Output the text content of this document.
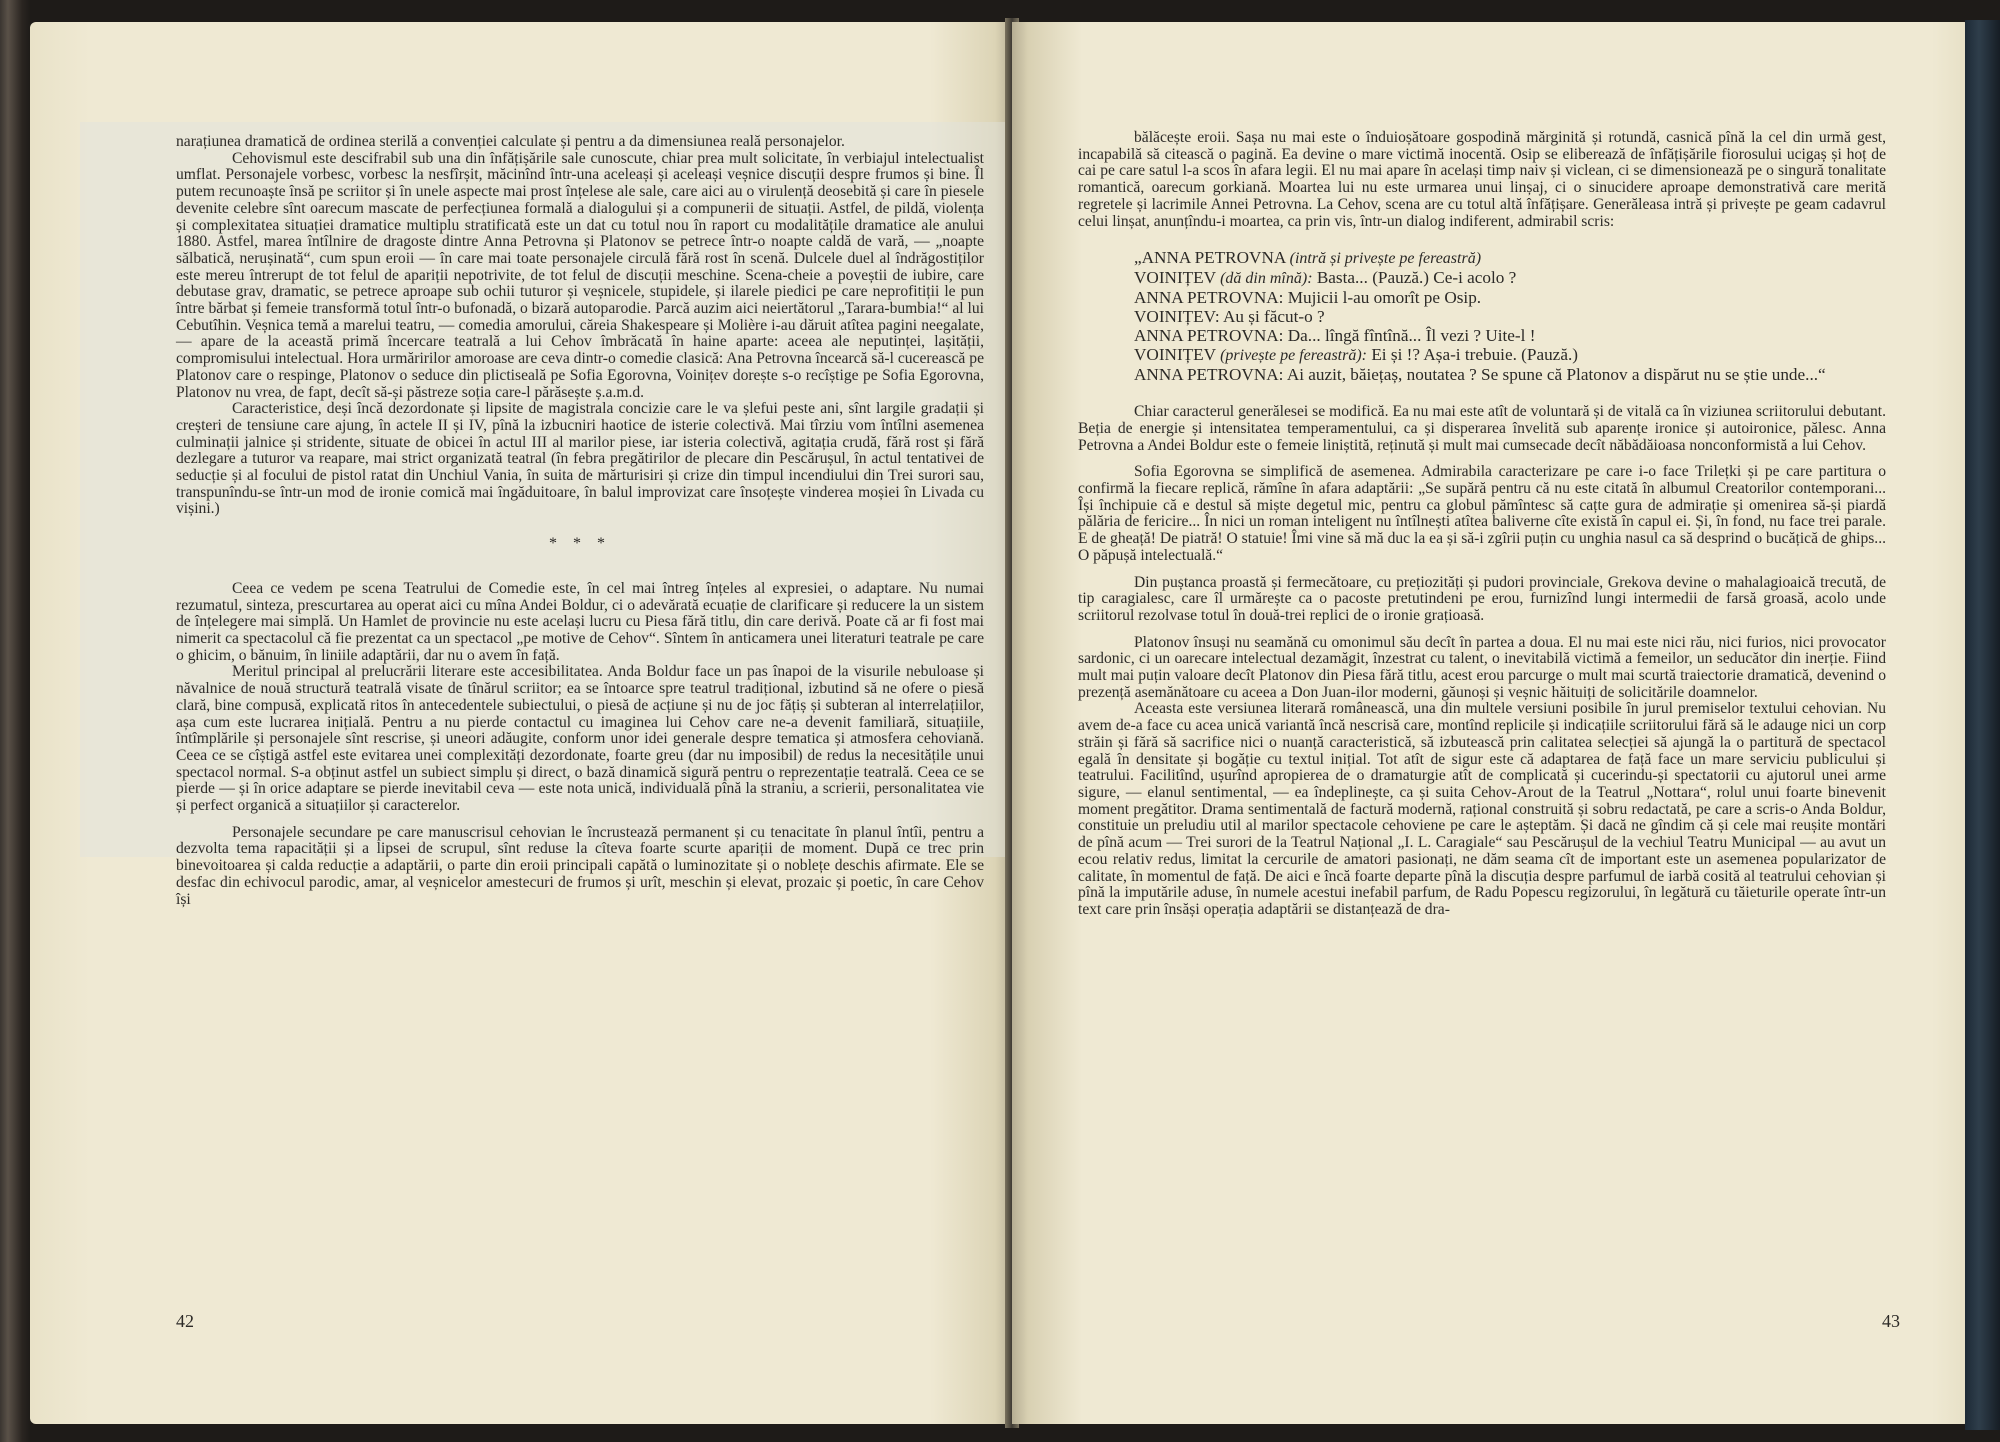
narațiunea dramatică de ordinea sterilă a convenției calculate și pentru a da dimensiunea reală personajelor.

Cehovismul este descifrabil sub una din înfățișările sale cunoscute, chiar prea mult solicitate, în verbiajul intelectualist umflat. Personajele vorbesc, vorbesc la nesfîrșit, măcinînd într-una aceleași și aceleași veșnice discuții despre frumos și bine. Îl putem recunoaște însă pe scriitor și în unele aspecte mai prost înțelese ale sale, care aici au o virulență deosebită și care în piesele devenite celebre sînt oarecum mascate de perfecțiunea formală a dialogului și a compunerii de situații. Astfel, de pildă, violența și complexitatea situației dramatice multiplu stratificată este un dat cu totul nou în raport cu modalitățile dramatice ale anului 1880. Astfel, marea întîlnire de dragoste dintre Anna Petrovna și Platonov se petrece într-o noapte caldă de vară, — „noapte sălbatică, nerușinată“, cum spun eroii — în care mai toate personajele circulă fără rost în scenă. Dulcele duel al îndrăgostiților este mereu întrerupt de tot felul de apariții nepotrivite, de tot felul de discuții meschine. Scena-cheie a poveștii de iubire, care debutase grav, dramatic, se petrece aproape sub ochii tuturor și veșnicele, stupidele, și ilarele piedici pe care neprofitiții le pun între bărbat și femeie transformă totul într-o bufonadă, o bizară autoparodie. Parcă auzim aici neiertătorul „Tarara-bumbia!“ al lui Cebutîhin. Veșnica temă a marelui teatru, — comedia amorului, căreia Shakespeare și Molière i-au dăruit atîtea pagini neegalate, — apare de la această primă încercare teatrală a lui Cehov îmbrăcată în haine aparte: aceea ale neputinței, lașității, compromisului intelectual. Hora urmăririlor amoroase are ceva dintr-o comedie clasică: Ana Petrovna încearcă să-l cucerească pe Platonov care o respinge, Platonov o seduce din plictiseală pe Sofia Egorovna, Voinițev dorește s-o recîștige pe Sofia Egorovna, Platonov nu vrea, de fapt, decît să-și păstreze soția care-l părăsește ș.a.m.d.

Caracteristice, deși încă dezordonate și lipsite de magistrala concizie care le va șlefui peste ani, sînt largile gradații și creșteri de tensiune care ajung, în actele II și IV, pînă la izbucniri haotice de isterie colectivă. Mai tîrziu vom întîlni asemenea culminații jalnice și stridente, situate de obicei în actul III al marilor piese, iar isteria colectivă, agitația crudă, fără rost și fără dezlegare a tuturor va reapare, mai strict organizată teatral (în febra pregătirilor de plecare din Pescărușul, în actul tentativei de seducție și al focului de pistol ratat din Unchiul Vania, în suita de mărturisiri și crize din timpul incendiului din Trei surori sau, transpunîndu-se într-un mod de ironie comică mai îngăduitoare, în balul improvizat care însoțește vinderea moșiei în Livada cu vișini.)

* * *

Ceea ce vedem pe scena Teatrului de Comedie este, în cel mai întreg înțeles al expresiei, o adaptare. Nu numai rezumatul, sinteza, prescurtarea au operat aici cu mîna Andei Boldur, ci o adevărată ecuație de clarificare și reducere la un sistem de înțelegere mai simplă. Un Hamlet de provincie nu este același lucru cu Piesa fără titlu, din care derivă. Poate că ar fi fost mai nimerit ca spectacolul că fie prezentat ca un spectacol „pe motive de Cehov“. Sîntem în anticamera unei literaturi teatrale pe care o ghicim, o bănuim, în liniile adaptării, dar nu o avem în față.

Meritul principal al prelucrării literare este accesibilitatea. Anda Boldur face un pas înapoi de la visurile nebuloase și năvalnice de nouă structură teatrală visate de tînărul scriitor; ea se întoarce spre teatrul tradițional, izbutind să ne ofere o piesă clară, bine compusă, explicată ritos în antecedentele subiectului, o piesă de acțiune și nu de joc fățiș și subteran al interrelațiilor, așa cum este lucrarea inițială. Pentru a nu pierde contactul cu imaginea lui Cehov care ne-a devenit familiară, situațiile, întîmplările și personajele sînt rescrise, și uneori adăugite, conform unor idei generale despre tematica și atmosfera cehoviană. Ceea ce se cîștigă astfel este evitarea unei complexități dezordonate, foarte greu (dar nu imposibil) de redus la necesitățile unui spectacol normal. S-a obținut astfel un subiect simplu și direct, o bază dinamică sigură pentru o reprezentație teatrală. Ceea ce se pierde — și în orice adaptare se pierde inevitabil ceva — este nota unică, individuală pînă la straniu, a scrierii, personalitatea vie și perfect organică a situațiilor și caracterelor.

Personajele secundare pe care manuscrisul cehovian le încrustează permanent și cu tenacitate în planul întîi, pentru a dezvolta tema rapacității și a lipsei de scrupul, sînt reduse la cîteva foarte scurte apariții de moment. După ce trec prin binevoitoarea și calda reducție a adaptării, o parte din eroii principali capătă o luminozitate și o noblețe deschis afirmate. Ele se desfac din echivocul parodic, amar, al veșnicelor amestecuri de frumos și urît, meschin și elevat, prozaic și poetic, în care Cehov își

42

bălăcește eroii. Sașa nu mai este o înduioșătoare gospodină mărginită și rotundă, casnică pînă la cel din urmă gest, incapabilă să citească o pagină. Ea devine o mare victimă inocentă. Osip se eliberează de înfățișările fiorosului ucigaș și hoț de cai pe care satul l-a scos în afara legii. El nu mai apare în același timp naiv și viclean, ci se dimensionează pe o singură tonalitate romantică, oarecum gorkiană. Moartea lui nu este urmarea unui linșaj, ci o sinucidere aproape demonstrativă care merită regretele și lacrimile Annei Petrovna. La Cehov, scena are cu totul altă înfățișare. Generăleasa intră și privește pe geam cadavrul celui linșat, anunțîndu-i moartea, ca prin vis, într-un dialog indiferent, admirabil scris:

„ANNA PETROVNA (intră și privește pe fereastră)
VOINIȚEV (dă din mînă): Basta... (Pauză.) Ce-i acolo ?
ANNA PETROVNA: Mujicii l-au omorît pe Osip.
VOINIȚEV: Au și făcut-o ?
ANNA PETROVNA: Da... lîngă fîntînă... Îl vezi ? Uite-l !
VOINIȚEV (privește pe fereastră): Ei și !? Așa-i trebuie. (Pauză.)
ANNA PETROVNA: Ai auzit, băiețaș, noutatea ? Se spune că Platonov a dispărut nu se știe unde...“

Chiar caracterul generălesei se modifică. Ea nu mai este atît de voluntară și de vitală ca în viziunea scriitorului debutant. Beția de energie și intensitatea temperamentului, ca și disperarea învelită sub aparențe ironice și autoironice, pălesc. Anna Petrovna a Andei Boldur este o femeie liniștită, reținută și mult mai cumsecade decît năbădăioasa nonconformistă a lui Cehov.

Sofia Egorovna se simplifică de asemenea. Admirabila caracterizare pe care i-o face Trilețki și pe care partitura o confirmă la fiecare replică, rămîne în afara adaptării: „Se supără pentru că nu este citată în albumul Creatorilor contemporani... Își închipuie că e destul să miște degetul mic, pentru ca globul pămîntesc să cațte gura de admirație și omenirea să-și piardă pălăria de fericire... În nici un roman inteligent nu întîlnești atîtea baliverne cîte există în capul ei. Și, în fond, nu face trei parale. E de gheață! De piatră! O statuie! Îmi vine să mă duc la ea și să-i zgîrii puțin cu unghia nasul ca să desprind o bucățică de ghips... O păpușă intelectuală.“

Din puștanca proastă și fermecătoare, cu prețiozități și pudori provinciale, Grekova devine o mahalagioaică trecută, de tip caragialesc, care îl urmărește ca o pacoste pretutindeni pe erou, furnizînd lungi intermedii de farsă groasă, acolo unde scriitorul rezolvase totul în două-trei replici de o ironie grațioasă.

Platonov însuși nu seamănă cu omonimul său decît în partea a doua. El nu mai este nici rău, nici furios, nici provocator sardonic, ci un oarecare intelectual dezamăgit, înzestrat cu talent, o inevitabilă victimă a femeilor, un seducător din inerție. Fiind mult mai puțin valoare decît Platonov din Piesa fără titlu, acest erou parcurge o mult mai scurtă traiectorie dramatică, devenind o prezență asemănătoare cu aceea a Don Juan-ilor moderni, găunoși și veșnic hăituiți de solicitările doamnelor.

Aceasta este versiunea literară românească, una din multele versiuni posibile în jurul premiselor textului cehovian. Nu avem de-a face cu acea unică variantă încă nescrisă care, montînd replicile și indicațiile scriitorului fără să le adauge nici un corp străin și fără să sacrifice nici o nuanță caracteristică, să izbutească prin calitatea selecției să ajungă la o partitură de spectacol egală în densitate și bogăție cu textul inițial. Tot atît de sigur este că adaptarea de față face un mare serviciu publicului și teatrului. Facilitînd, ușurînd apropierea de o dramaturgie atît de complicată și cucerindu-și spectatorii cu ajutorul unei arme sigure, — elanul sentimental, — ea îndeplinește, ca și suita Cehov-Arout de la Teatrul „Nottara“, rolul unui foarte binevenit moment pregătitor. Drama sentimentală de factură modernă, rațional construită și sobru redactată, pe care a scris-o Anda Boldur, constituie un preludiu util al marilor spectacole cehoviene pe care le așteptăm. Și dacă ne gîndim că și cele mai reușite montări de pînă acum — Trei surori de la Teatrul Național „I. L. Caragiale“ sau Pescărușul de la vechiul Teatru Municipal — au avut un ecou relativ redus, limitat la cercurile de amatori pasionați, ne dăm seama cît de important este un asemenea popularizator de calitate, în momentul de față. De aici e încă foarte departe pînă la discuția despre parfumul de iarbă cosită al teatrului cehovian și pînă la imputările aduse, în numele acestui inefabil parfum, de Radu Popescu regizorului, în legătură cu tăieturile operate într-un text care prin însăși operația adaptării se distanțează de dra-

43
